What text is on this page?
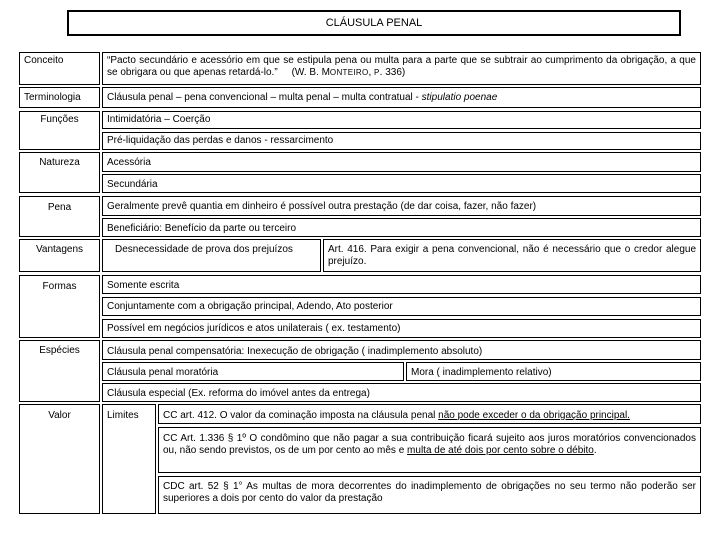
CLÁUSULA PENAL
Conceito	“Pacto secundário e acessório em que se estipula pena ou multa para a parte que se subtrair ao cumprimento da obrigação, a que se obrigara ou que apenas retardá-lo.” (W. B. MONTEIRO, P. 336)
Terminologia	Cláusula penal – pena convencional – multa penal – multa contratual - stipulatio poenae
Funções	Intimidatória – Coerção
Pré-liquidação das perdas e danos - ressarcimento
Natureza	Acessória
Secundária
Pena	Geralmente prevê quantia em dinheiro é possível outra prestação (de dar coisa, fazer, não fazer)
Beneficiário: Benefício da parte ou terceiro
Vantagens	Desnecessidade de prova dos prejuízos	Art. 416. Para exigir a pena convencional, não é necessário que o credor alegue prejuízo.
Formas	Somente escrita
Conjuntamente com a obrigação principal, Adendo, Ato posterior
Possível em negócios jurídicos e atos unilaterais ( ex. testamento)
Espécies	Cláusula penal compensatória: Inexecução de obrigação ( inadimplemento absoluto)
Cláusula penal moratória	Mora ( inadimplemento relativo)
Cláusula especial (Ex. reforma do imóvel antes da entrega)
Valor	Limites	CC art. 412. O valor da cominação imposta na cláusula penal não pode exceder o da obrigação principal.
CC Art. 1.336 § 1º O condômino que não pagar a sua contribuição ficará sujeito aos juros moratórios convencionados ou, não sendo previstos, os de um por cento ao mês e multa de até dois por cento sobre o débito.
CDC art. 52 § 1° As multas de mora decorrentes do inadimplemento de obrigações no seu termo não poderão ser superiores a dois por cento do valor da prestação
